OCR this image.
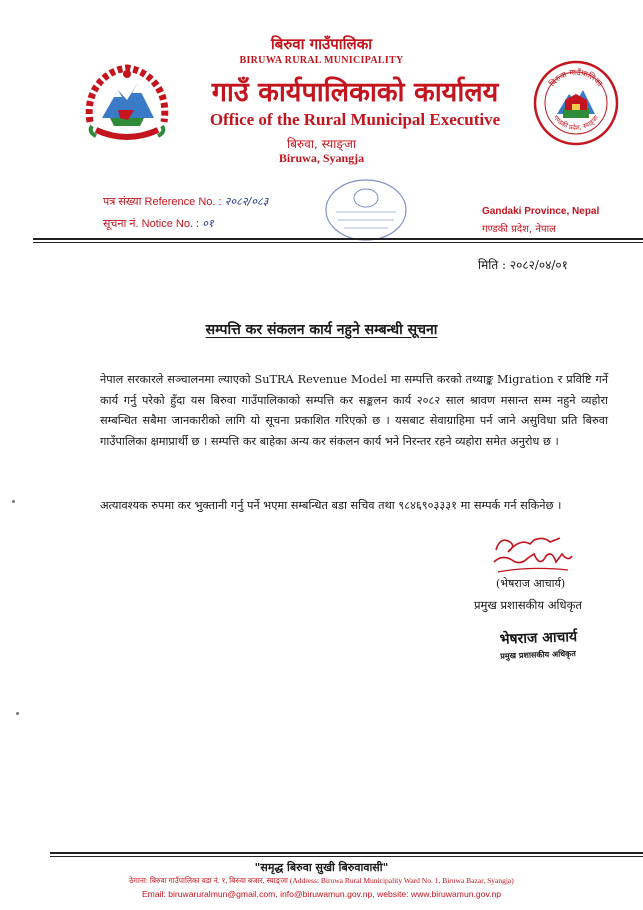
बिरुवा गाउँपालिका
BIRUWA RURAL MUNICIPALITY
गाउँ कार्यपालिकाको कार्यालय
Office of the Rural Municipal Executive
बिरुवा, स्याङ्जा
Biruwa, Syangja
बिरुवा गाउँपालिका
गण्डकी प्रदेश, स्याङ्जा
पत्र संख्या Reference No. : २०८२/०८३
सूचना नं. Notice No. : ०१
Gandaki Province, Nepal
गण्डकी प्रदेश, नेपाल
मिति : २०८२/०४/०१
सम्पत्ति कर संकलन कार्य नहुने सम्बन्धी सूचना
नेपाल सरकारले सञ्चालनमा ल्याएको SuTRA Revenue Model मा सम्पत्ति करको तथ्याङ्क Migration र प्रविष्टि गर्ने कार्य गर्नु परेको हुँदा यस बिरुवा गाउँपालिकाको सम्पत्ति कर सङ्कलन कार्य २०८२ साल श्रावण मसान्त सम्म नहुने व्यहोरा सम्बन्धित सबैमा जानकारीको लागि यो सूचना प्रकाशित गरिएको छ । यसबाट सेवाग्राहिमा पर्न जाने असुविधा प्रति बिरुवा गाउँपालिका क्षमाप्रार्थी छ । सम्पत्ति कर बाहेका अन्य कर संकलन कार्य भने निरन्तर रहने व्यहोरा समेत अनुरोध छ ।
अत्यावश्यक रुपमा कर भुक्तानी गर्नु पर्ने भएमा सम्बन्धित बडा सचिव तथा ९८४६९०३३३१ मा सम्पर्क गर्न सकिनेछ ।
(भेषराज आचार्य)
प्रमुख प्रशासकीय अधिकृत
भेषराज आचार्य
प्रमुख प्रशासकीय अधिकृत
"समृद्ध बिरुवा सुखी बिरुवावासी"
ठेगाना: बिरुवा गाउँपालिका वडा नं. १, बिरुवा बजार, स्याङ्जा (Address: Biruwa Rural Municipality Ward No. 1, Biruwa Bazar, Syangja)
Email: biruwaruralmun@gmail.com, info@biruwamun.gov.np, website: www.biruwamun.gov.np
